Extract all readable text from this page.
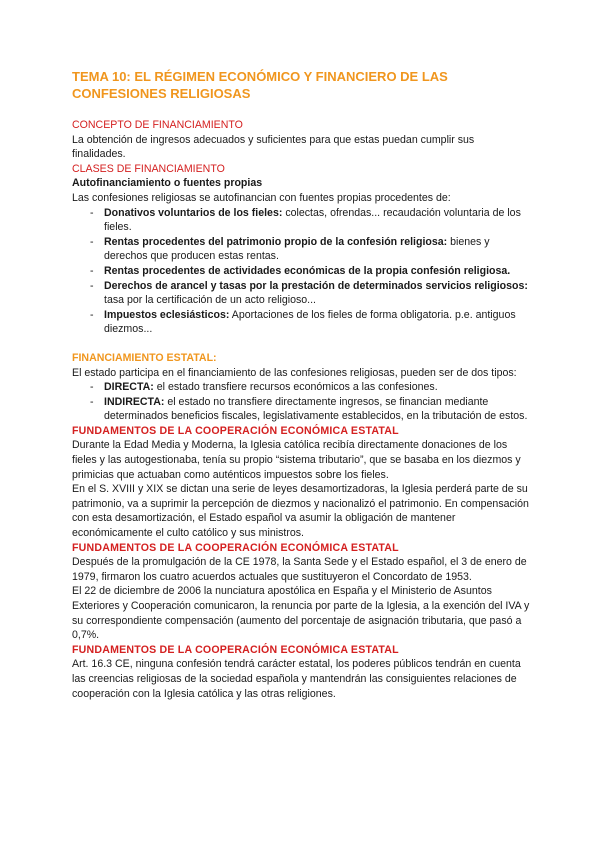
TEMA 10: EL RÉGIMEN ECONÓMICO Y FINANCIERO DE LAS CONFESIONES RELIGIOSAS
CONCEPTO DE FINANCIAMIENTO

La obtención de ingresos adecuados y suficientes para que estas puedan cumplir sus finalidades.

CLASES DE FINANCIAMIENTO
Autofinanciamiento o fuentes propias

Las confesiones religiosas se autofinancian con fuentes propias procedentes de:

- Donativos voluntarios de los fieles: colectas, ofrendas... recaudación voluntaria de los fieles.
- Rentas procedentes del patrimonio propio de la confesión religiosa: bienes y derechos que producen estas rentas.
- Rentas procedentes de actividades económicas de la propia confesión religiosa.
- Derechos de arancel y tasas por la prestación de determinados servicios religiosos: tasa por la certificación de un acto religioso...
- Impuestos eclesiásticos: Aportaciones de los fieles de forma obligatoria. p.e. antiguos diezmos...
FINANCIAMIENTO ESTATAL:

El estado participa en el financiamiento de las confesiones religiosas, pueden ser de dos tipos:

- DIRECTA: el estado transfiere recursos económicos a las confesiones.
- INDIRECTA: el estado no transfiere directamente ingresos, se financian mediante determinados beneficios fiscales, legislativamente establecidos, en la tributación de estos.
FUNDAMENTOS DE LA COOPERACIÓN ECONÓMICA ESTATAL

Durante la Edad Media y Moderna, la Iglesia católica recibía directamente donaciones de los fieles y las autogestionaba, tenía su propio “sistema tributario”, que se basaba en los diezmos y primicias que actuaban como auténticos impuestos sobre los fieles.

En el S. XVIII y XIX se dictan una serie de leyes desamortizadoras, la Iglesia perderá parte de su patrimonio, va a suprimir la percepción de diezmos y nacionalizó el patrimonio. En compensación con esta desamortización, el Estado español va asumir la obligación de mantener económicamente el culto católico y sus ministros.

FUNDAMENTOS DE LA COOPERACIÓN ECONÓMICA ESTATAL

Después de la promulgación de la CE 1978, la Santa Sede y el Estado español, el 3 de enero de 1979, firmaron los cuatro acuerdos actuales que sustituyeron el Concordato de 1953.

El 22 de diciembre de 2006 la nunciatura apostólica en España y el Ministerio de Asuntos Exteriores y Cooperación comunicaron, la renuncia por parte de la Iglesia, a la exención del IVA y su correspondiente compensación (aumento del porcentaje de asignación tributaria, que pasó a 0,7%.

FUNDAMENTOS DE LA COOPERACIÓN ECONÓMICA ESTATAL

Art. 16.3 CE, ninguna confesión tendrá carácter estatal, los poderes públicos tendrán en cuenta las creencias religiosas de la sociedad española y mantendrán las consiguientes relaciones de cooperación con la Iglesia católica y las otras religiones.
